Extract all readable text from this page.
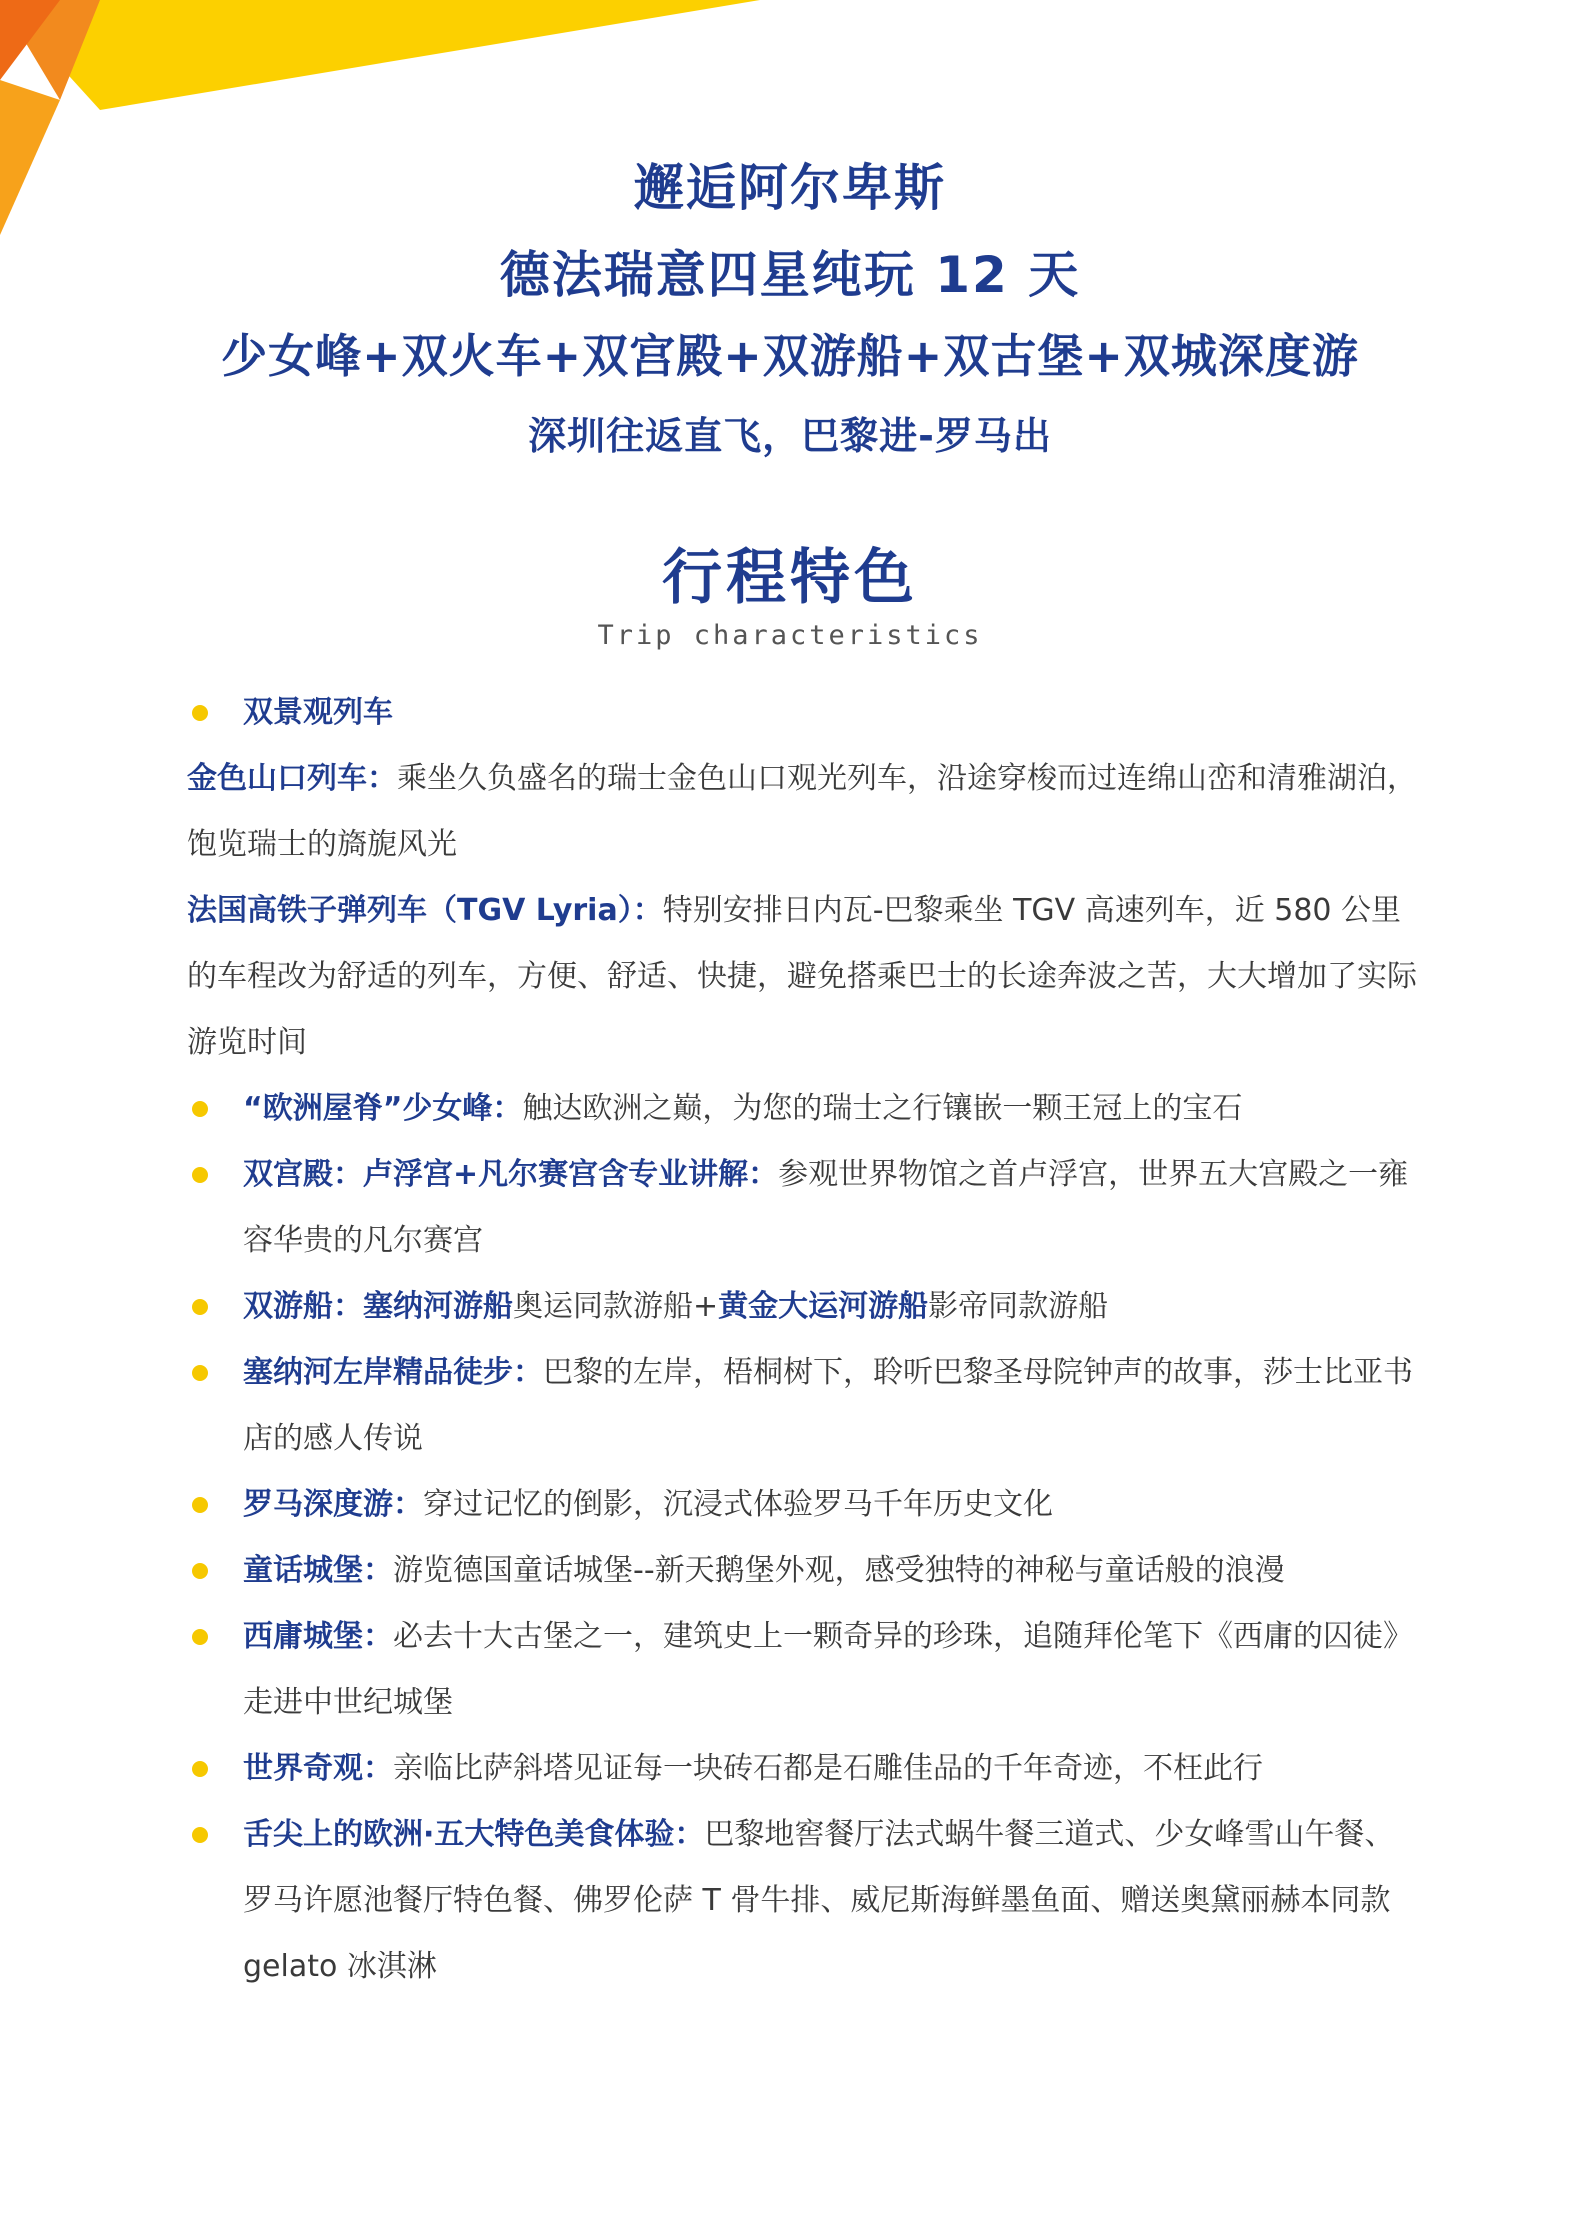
邂逅阿尔卑斯
德法瑞意四星纯玩 12 天
少女峰+双火车+双宫殿+双游船+双古堡+双城深度游
深圳往返直飞，巴黎进-罗马出
行程特色
Trip characteristics
双景观列车
金色山口列车：乘坐久负盛名的瑞士金色山口观光列车，沿途穿梭而过连绵山峦和清雅湖泊，饱览瑞士的旖旎风光
法国高铁子弹列车（TGV Lyria）：特别安排日内瓦-巴黎乘坐 TGV 高速列车，近 580 公里的车程改为舒适的列车，方便、舒适、快捷，避免搭乘巴士的长途奔波之苦，大大增加了实际游览时间
“欧洲屋脊”少女峰：触达欧洲之巅，为您的瑞士之行镶嵌一颗王冠上的宝石
双宫殿：卢浮宫+凡尔赛宫含专业讲解：参观世界物馆之首卢浮宫，世界五大宫殿之一雍容华贵的凡尔赛宫
双游船：塞纳河游船奥运同款游船+黄金大运河游船影帝同款游船
塞纳河左岸精品徒步：巴黎的左岸，梧桐树下，聆听巴黎圣母院钟声的故事，莎士比亚书店的感人传说
罗马深度游：穿过记忆的倒影，沉浸式体验罗马千年历史文化
童话城堡：游览德国童话城堡--新天鹅堡外观，感受独特的神秘与童话般的浪漫
西庸城堡：必去十大古堡之一，建筑史上一颗奇异的珍珠，追随拜伦笔下《西庸的囚徒》走进中世纪城堡
世界奇观：亲临比萨斜塔见证每一块砖石都是石雕佳品的千年奇迹，不枉此行
舌尖上的欧洲·五大特色美食体验：巴黎地窖餐厅法式蜗牛餐三道式、少女峰雪山午餐、罗马许愿池餐厅特色餐、佛罗伦萨 T 骨牛排、威尼斯海鲜墨鱼面、赠送奥黛丽赫本同款 gelato 冰淇淋
